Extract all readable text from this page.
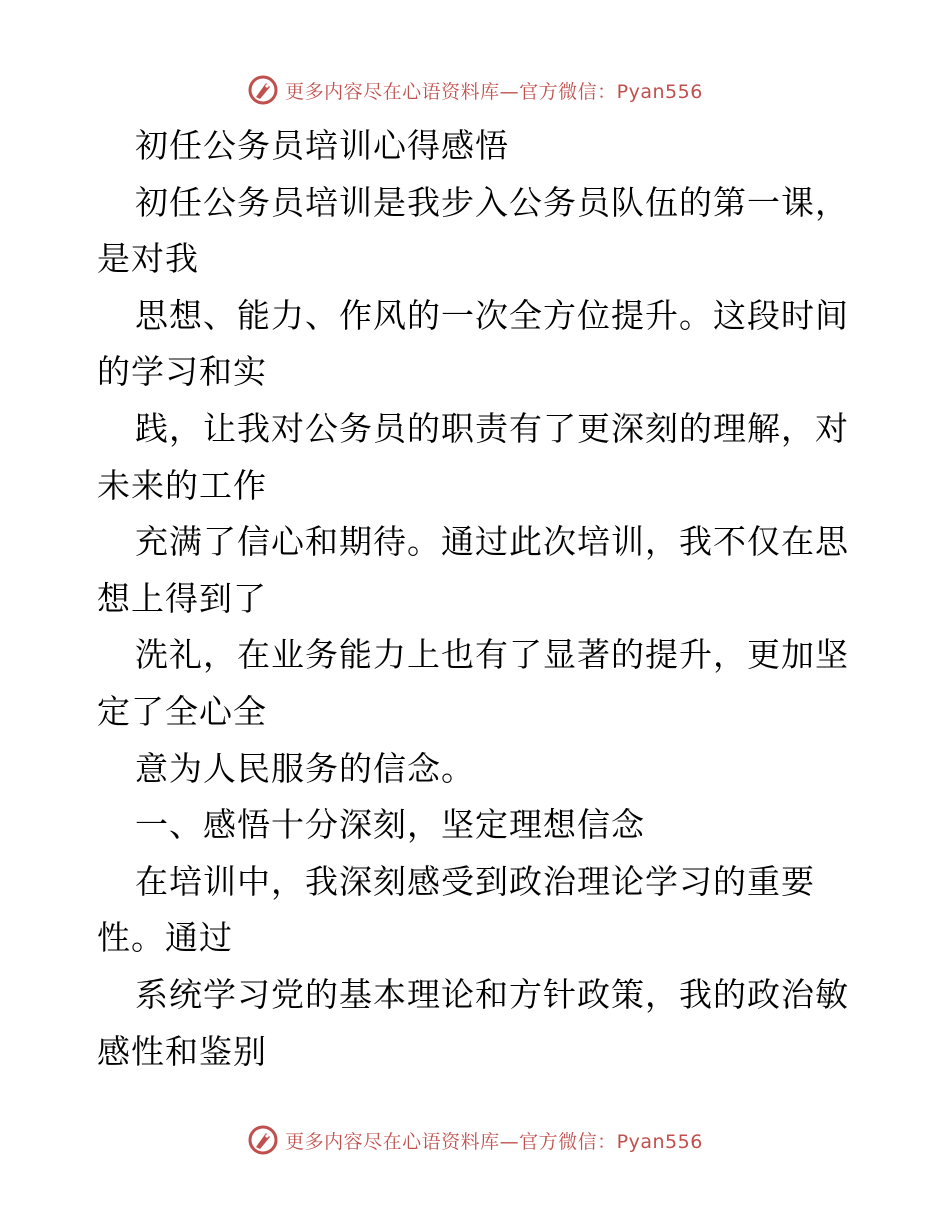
更多内容尽在心语资料库—官方微信：Pyan556
初任公务员培训心得感悟
初任公务员培训是我步入公务员队伍的第一课，
是对我
思想、能力、作风的一次全方位提升。这段时间
的学习和实
践，让我对公务员的职责有了更深刻的理解，对
未来的工作
充满了信心和期待。通过此次培训，我不仅在思
想上得到了
洗礼，在业务能力上也有了显著的提升，更加坚
定了全心全
意为人民服务的信念。
一、感悟十分深刻，坚定理想信念
在培训中，我深刻感受到政治理论学习的重要
性。通过
系统学习党的基本理论和方针政策，我的政治敏
感性和鉴别
更多内容尽在心语资料库—官方微信：Pyan556
